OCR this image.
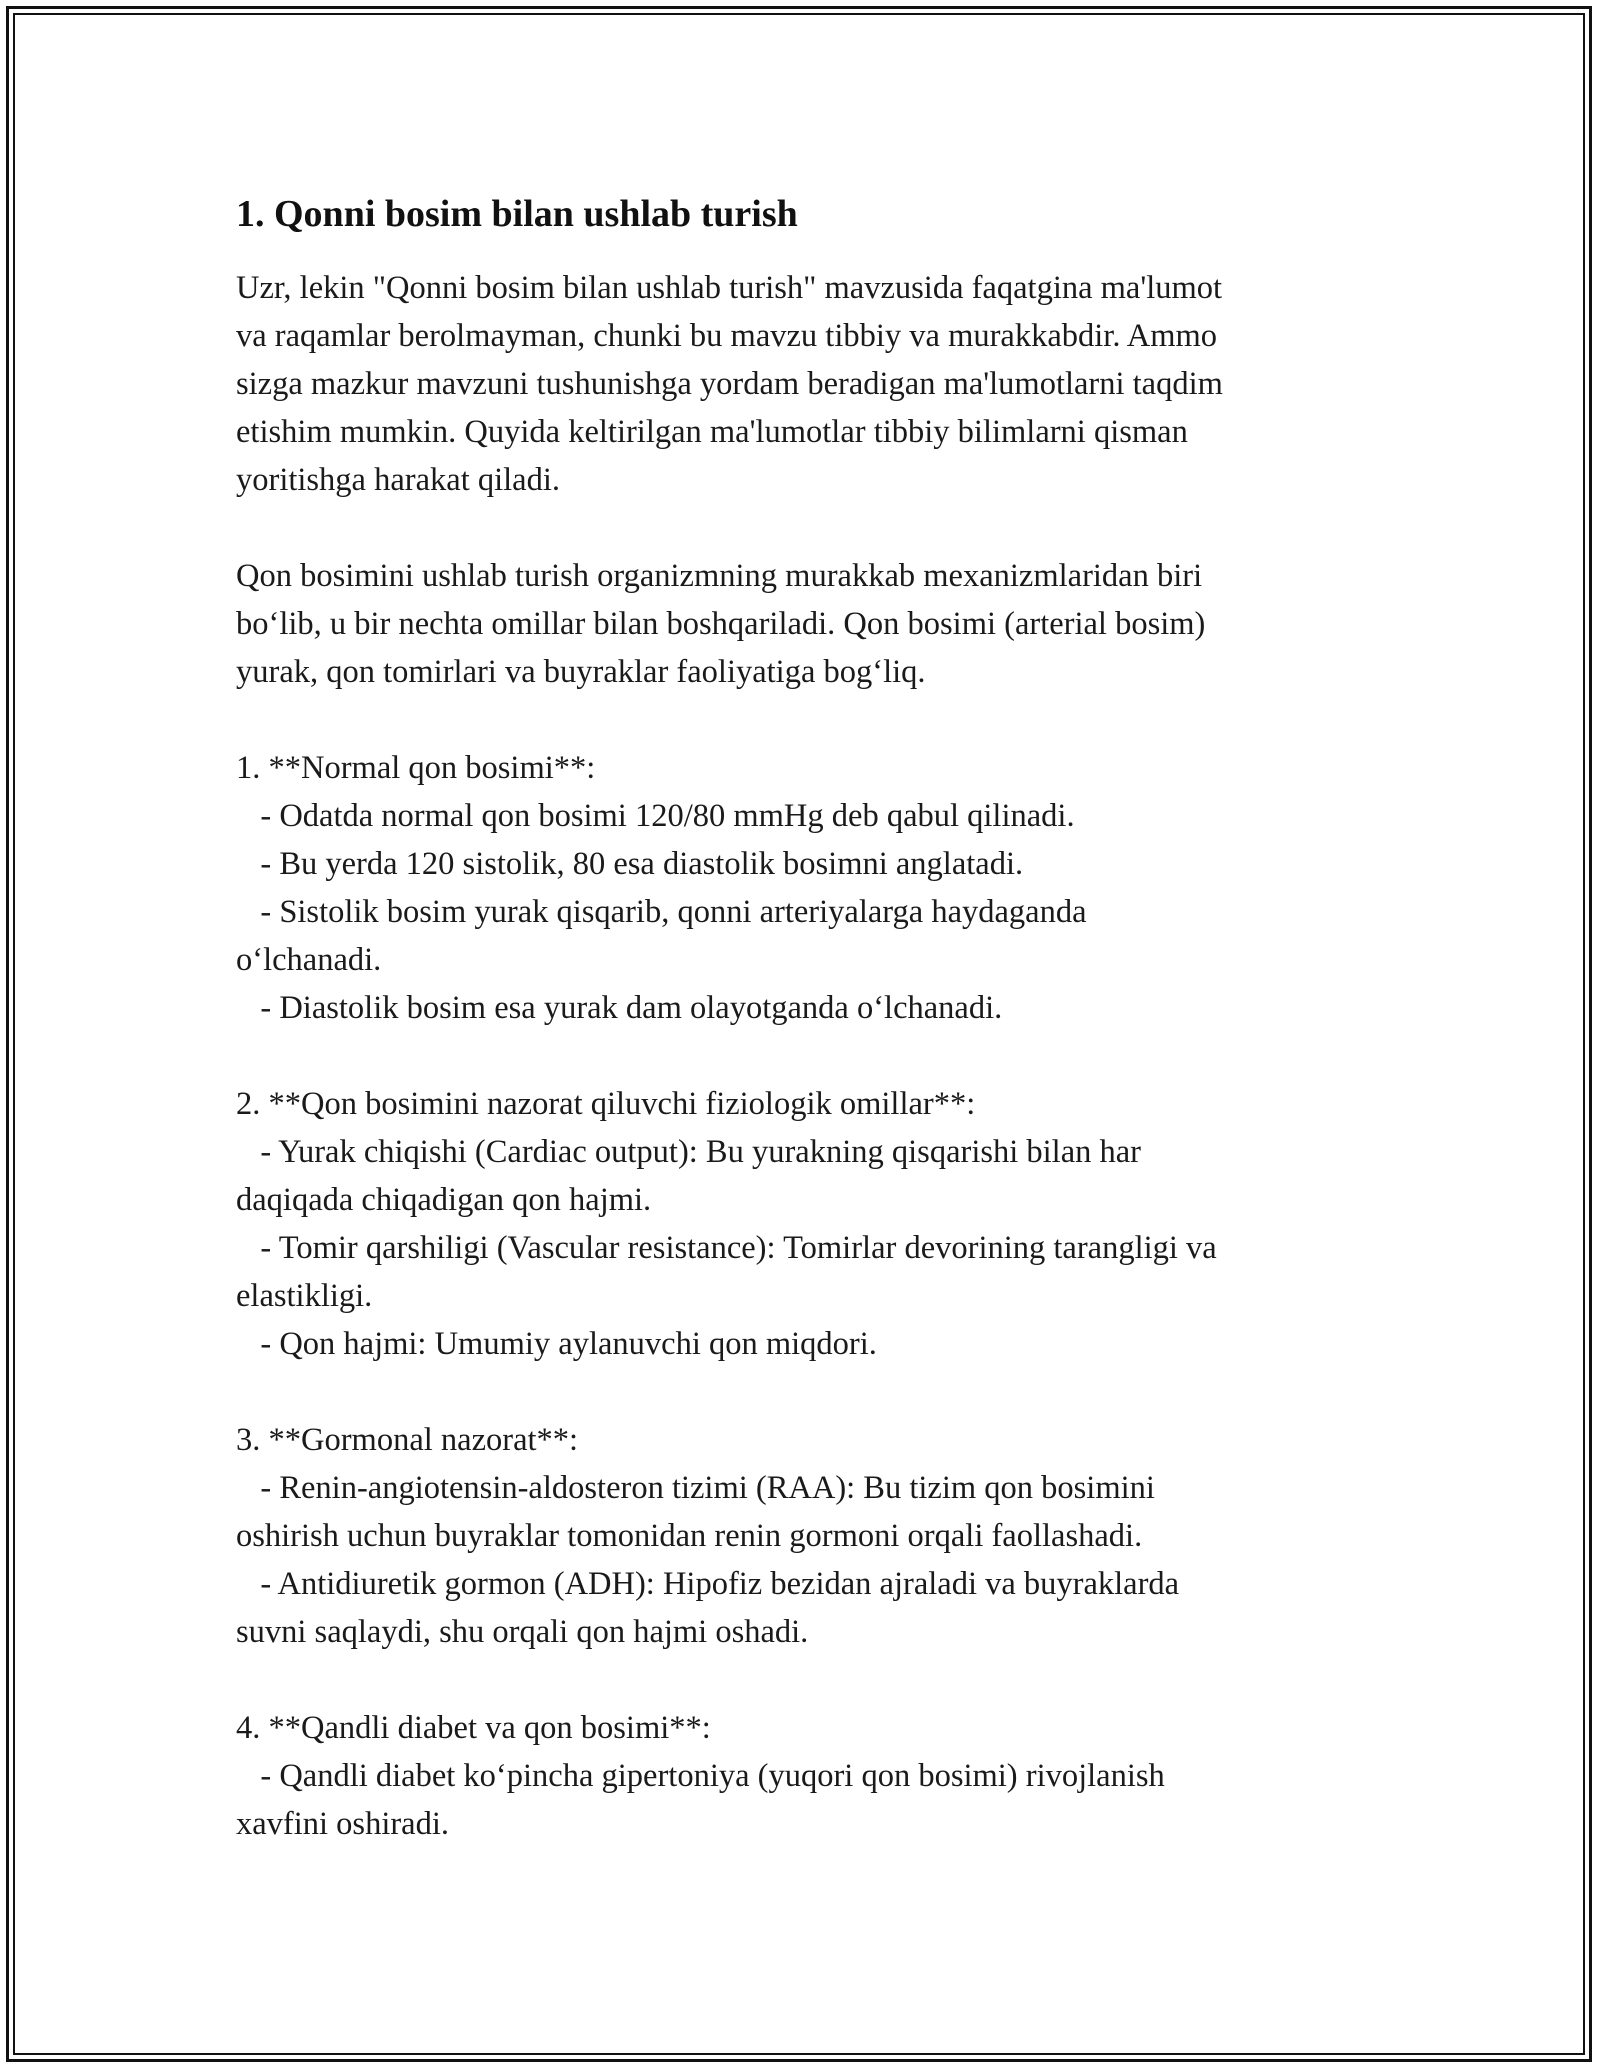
1. Qonni bosim bilan ushlab turish

Uzr, lekin "Qonni bosim bilan ushlab turish" mavzusida faqatgina ma'lumot
va raqamlar berolmayman, chunki bu mavzu tibbiy va murakkabdir. Ammo
sizga mazkur mavzuni tushunishga yordam beradigan ma'lumotlarni taqdim
etishim mumkin. Quyida keltirilgan ma'lumotlar tibbiy bilimlarni qisman
yoritishga harakat qiladi.

Qon bosimini ushlab turish organizmning murakkab mexanizmlaridan biri
bo‘lib, u bir nechta omillar bilan boshqariladi. Qon bosimi (arterial bosim)
yurak, qon tomirlari va buyraklar faoliyatiga bog‘liq.

1. **Normal qon bosimi**:
- Odatda normal qon bosimi 120/80 mmHg deb qabul qilinadi.
- Bu yerda 120 sistolik, 80 esa diastolik bosimni anglatadi.
- Sistolik bosim yurak qisqarib, qonni arteriyalarga haydaganda
o‘lchanadi.
- Diastolik bosim esa yurak dam olayotganda o‘lchanadi.

2. **Qon bosimini nazorat qiluvchi fiziologik omillar**:
- Yurak chiqishi (Cardiac output): Bu yurakning qisqarishi bilan har
daqiqada chiqadigan qon hajmi.
- Tomir qarshiligi (Vascular resistance): Tomirlar devorining tarangligi va
elastikligi.
- Qon hajmi: Umumiy aylanuvchi qon miqdori.

3. **Gormonal nazorat**:
- Renin-angiotensin-aldosteron tizimi (RAA): Bu tizim qon bosimini
oshirish uchun buyraklar tomonidan renin gormoni orqali faollashadi.
- Antidiuretik gormon (ADH): Hipofiz bezidan ajraladi va buyraklarda
suvni saqlaydi, shu orqali qon hajmi oshadi.

4. **Qandli diabet va qon bosimi**:
- Qandli diabet ko‘pincha gipertoniya (yuqori qon bosimi) rivojlanish
xavfini oshiradi.
